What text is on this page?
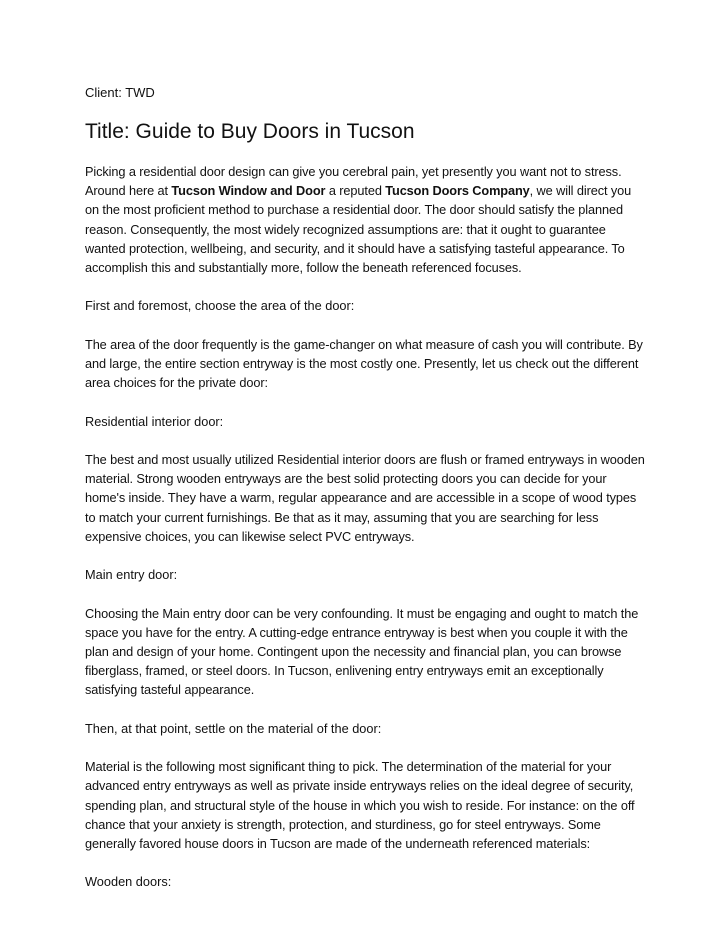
Client: TWD

Title: Guide to Buy Doors in Tucson

Picking a residential door design can give you cerebral pain, yet presently you want not to stress. Around here at Tucson Window and Door a reputed Tucson Doors Company, we will direct you on the most proficient method to purchase a residential door. The door should satisfy the planned reason. Consequently, the most widely recognized assumptions are: that it ought to guarantee wanted protection, wellbeing, and security, and it should have a satisfying tasteful appearance. To accomplish this and substantially more, follow the beneath referenced focuses.

First and foremost, choose the area of the door:

The area of the door frequently is the game-changer on what measure of cash you will contribute. By and large, the entire section entryway is the most costly one. Presently, let us check out the different area choices for the private door:

Residential interior door:

The best and most usually utilized Residential interior doors are flush or framed entryways in wooden material. Strong wooden entryways are the best solid protecting doors you can decide for your home's inside. They have a warm, regular appearance and are accessible in a scope of wood types to match your current furnishings. Be that as it may, assuming that you are searching for less expensive choices, you can likewise select PVC entryways.

Main entry door:

Choosing the Main entry door can be very confounding. It must be engaging and ought to match the space you have for the entry. A cutting-edge entrance entryway is best when you couple it with the plan and design of your home. Contingent upon the necessity and financial plan, you can browse fiberglass, framed, or steel doors. In Tucson, enlivening entry entryways emit an exceptionally satisfying tasteful appearance.

Then, at that point, settle on the material of the door:

Material is the following most significant thing to pick. The determination of the material for your advanced entry entryways as well as private inside entryways relies on the ideal degree of security, spending plan, and structural style of the house in which you wish to reside. For instance: on the off chance that your anxiety is strength, protection, and sturdiness, go for steel entryways. Some generally favored house doors in Tucson are made of the underneath referenced materials:

Wooden doors:
